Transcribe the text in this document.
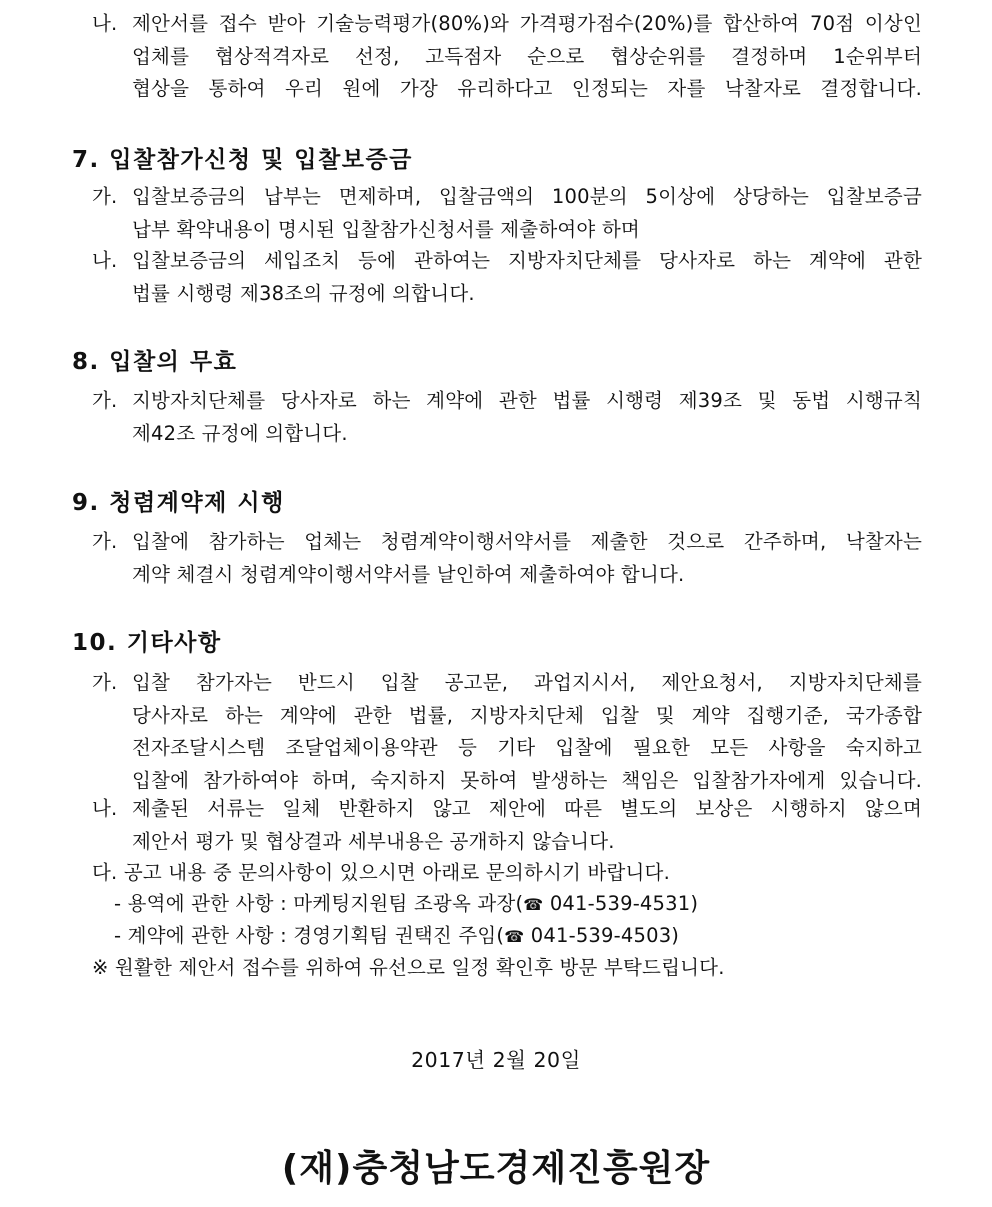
나. 제안서를 접수 받아 기술능력평가(80%)와 가격평가점수(20%)를 합산하여 70점 이상인
업체를 협상적격자로 선정, 고득점자 순으로 협상순위를 결정하며 1순위부터
협상을 통하여 우리 원에 가장 유리하다고 인정되는 자를 낙찰자로 결정합니다.
7. 입찰참가신청 및 입찰보증금
가. 입찰보증금의 납부는 면제하며, 입찰금액의 100분의 5이상에 상당하는 입찰보증금
납부 확약내용이 명시된 입찰참가신청서를 제출하여야 하며
나. 입찰보증금의 세입조치 등에 관하여는 지방자치단체를 당사자로 하는 계약에 관한
법률 시행령 제38조의 규정에 의합니다.
8. 입찰의 무효
가. 지방자치단체를 당사자로 하는 계약에 관한 법률 시행령 제39조 및 동법 시행규칙
제42조 규정에 의합니다.
9. 청렴계약제 시행
가. 입찰에 참가하는 업체는 청렴계약이행서약서를 제출한 것으로 간주하며, 낙찰자는
계약 체결시 청렴계약이행서약서를 날인하여 제출하여야 합니다.
10. 기타사항
가. 입찰 참가자는 반드시 입찰 공고문, 과업지시서, 제안요청서, 지방자치단체를
당사자로 하는 계약에 관한 법률, 지방자치단체 입찰 및 계약 집행기준, 국가종합
전자조달시스템 조달업체이용약관 등 기타 입찰에 필요한 모든 사항을 숙지하고
입찰에 참가하여야 하며, 숙지하지 못하여 발생하는 책임은 입찰참가자에게 있습니다.
나. 제출된 서류는 일체 반환하지 않고 제안에 따른 별도의 보상은 시행하지 않으며
제안서 평가 및 협상결과 세부내용은 공개하지 않습니다.
다. 공고 내용 중 문의사항이 있으시면 아래로 문의하시기 바랍니다.
- 용역에 관한 사항 : 마케팅지원팀 조광옥 과장(☎ 041-539-4531)
- 계약에 관한 사항 : 경영기획팀 권택진 주임(☎ 041-539-4503)
※ 원활한 제안서 접수를 위하여 유선으로 일정 확인후 방문 부탁드립니다.
2017년 2월 20일
(재)충청남도경제진흥원장
